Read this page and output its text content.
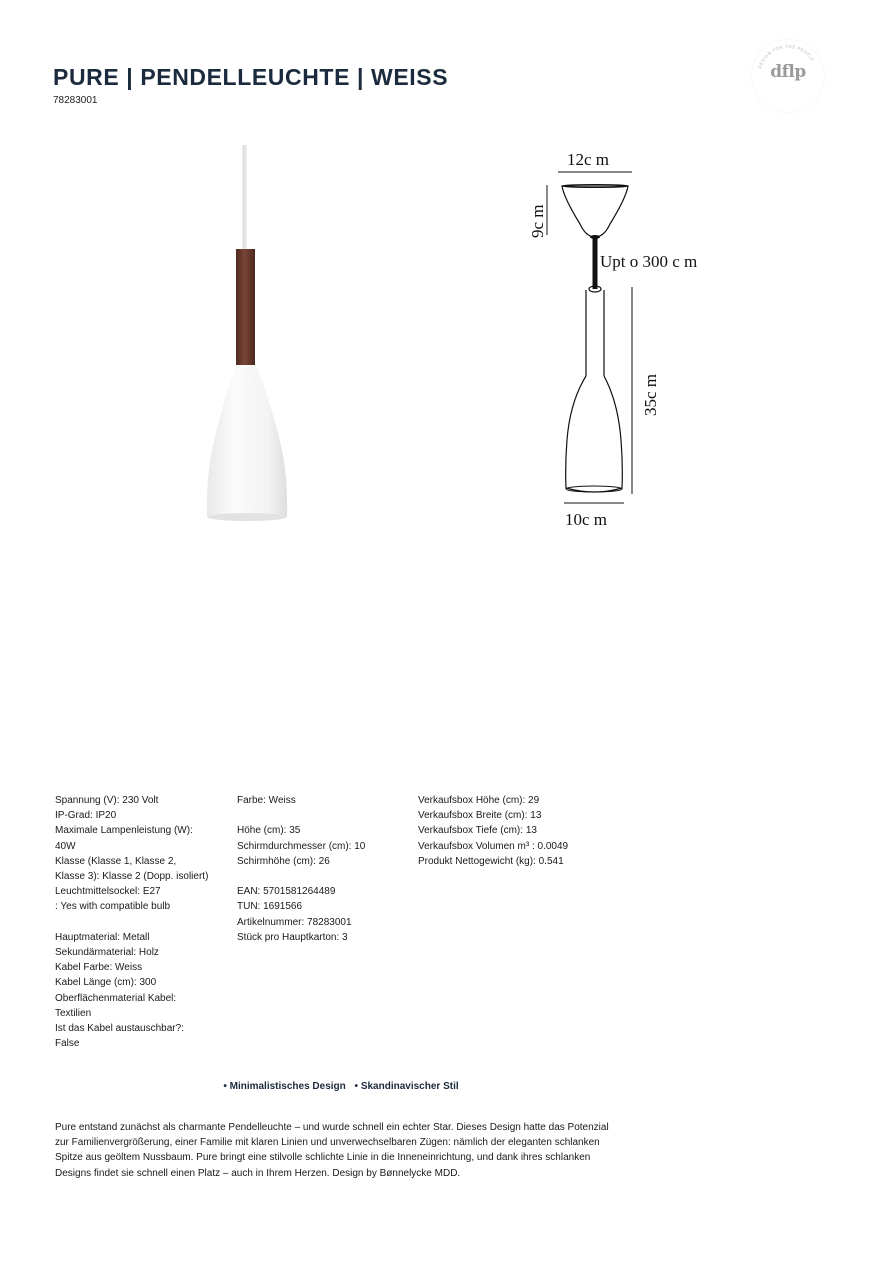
PURE | PENDELLEUCHTE | WEISS
78283001
DESIGN FOR THE PEOPLE
dflp
12c m
9c m
Upt o 300 c m
35c m
10c m
Spannung (V): 230 Volt
IP-Grad: IP20
Maximale Lampenleistung (W):
40W
Klasse (Klasse 1, Klasse 2,
Klasse 3): Klasse 2 (Dopp. isoliert)
Leuchtmittelsockel: E27
: Yes with compatible bulb
Hauptmaterial: Metall
Sekundärmaterial: Holz
Kabel Farbe: Weiss
Kabel Länge (cm): 300
Oberflächenmaterial Kabel:
Textilien
Ist das Kabel austauschbar?:
False
Farbe: Weiss
Höhe (cm): 35
Schirmdurchmesser (cm): 10
Schirmhöhe (cm): 26
EAN: 5701581264489
TUN: 1691566
Artikelnummer: 78283001
Stück pro Hauptkarton: 3
Verkaufsbox Höhe (cm): 29
Verkaufsbox Breite (cm): 13
Verkaufsbox Tiefe (cm): 13
Verkaufsbox Volumen m³ : 0.0049
Produkt Nettogewicht (kg): 0.541
• Minimalistisches Design • Skandinavischer Stil
Pure entstand zunächst als charmante Pendelleuchte – und wurde schnell ein echter Star. Dieses Design hatte das Potenzial zur Familienvergrößerung, einer Familie mit klaren Linien und unverwechselbaren Zügen: nämlich der eleganten schlanken Spitze aus geöltem Nussbaum. Pure bringt eine stilvolle schlichte Linie in die Inneneinrichtung, und dank ihres schlanken Designs findet sie schnell einen Platz – auch in Ihrem Herzen. Design by Bønnelycke MDD.
